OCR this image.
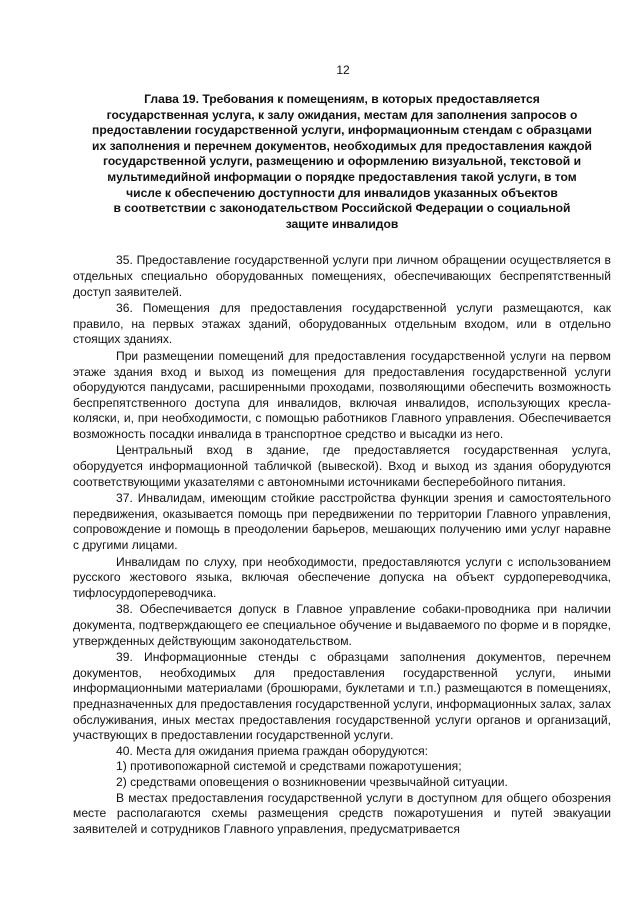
12
Глава 19. Требования к помещениям, в которых предоставляется
государственная услуга, к залу ожидания, местам для заполнения запросов о
предоставлении государственной услуги, информационным стендам с образцами
их заполнения и перечнем документов, необходимых для предоставления каждой
государственной услуги, размещению и оформлению визуальной, текстовой и
мультимедийной информации о порядке предоставления такой услуги, в том
числе к обеспечению доступности для инвалидов указанных объектов
в соответствии с законодательством Российской Федерации о социальной
защите инвалидов

35. Предоставление государственной услуги при личном обращении осуществляется в отдельных специально оборудованных помещениях, обеспечивающих беспрепятственный доступ заявителей.

36. Помещения для предоставления государственной услуги размещаются, как правило, на первых этажах зданий, оборудованных отдельным входом, или в отдельно стоящих зданиях.

При размещении помещений для предоставления государственной услуги на первом этаже здания вход и выход из помещения для предоставления государственной услуги оборудуются пандусами, расширенными проходами, позволяющими обеспечить возможность беспрепятственного доступа для инвалидов, включая инвалидов, использующих кресла-коляски, и, при необходимости, с помощью работников Главного управления. Обеспечивается возможность посадки инвалида в транспортное средство и высадки из него.

Центральный вход в здание, где предоставляется государственная услуга, оборудуется информационной табличкой (вывеской). Вход и выход из здания оборудуются соответствующими указателями с автономными источниками бесперебойного питания.

37. Инвалидам, имеющим стойкие расстройства функции зрения и самостоятельного передвижения, оказывается помощь при передвижении по территории Главного управления, сопровождение и помощь в преодолении барьеров, мешающих получению ими услуг наравне с другими лицами.

Инвалидам по слуху, при необходимости, предоставляются услуги с использованием русского жестового языка, включая обеспечение допуска на объект сурдопереводчика, тифлосурдопереводчика.

38. Обеспечивается допуск в Главное управление собаки-проводника при наличии документа, подтверждающего ее специальное обучение и выдаваемого по форме и в порядке, утвержденных действующим законодательством.

39. Информационные стенды с образцами заполнения документов, перечнем документов, необходимых для предоставления государственной услуги, иными информационными материалами (брошюрами, буклетами и т.п.) размещаются в помещениях, предназначенных для предоставления государственной услуги, информационных залах, залах обслуживания, иных местах предоставления государственной услуги органов и организаций, участвующих в предоставлении государственной услуги.

40. Места для ожидания приема граждан оборудуются:

1) противопожарной системой и средствами пожаротушения;

2) средствами оповещения о возникновении чрезвычайной ситуации.

В местах предоставления государственной услуги в доступном для общего обозрения месте располагаются схемы размещения средств пожаротушения и путей эвакуации заявителей и сотрудников Главного управления, предусматривается
